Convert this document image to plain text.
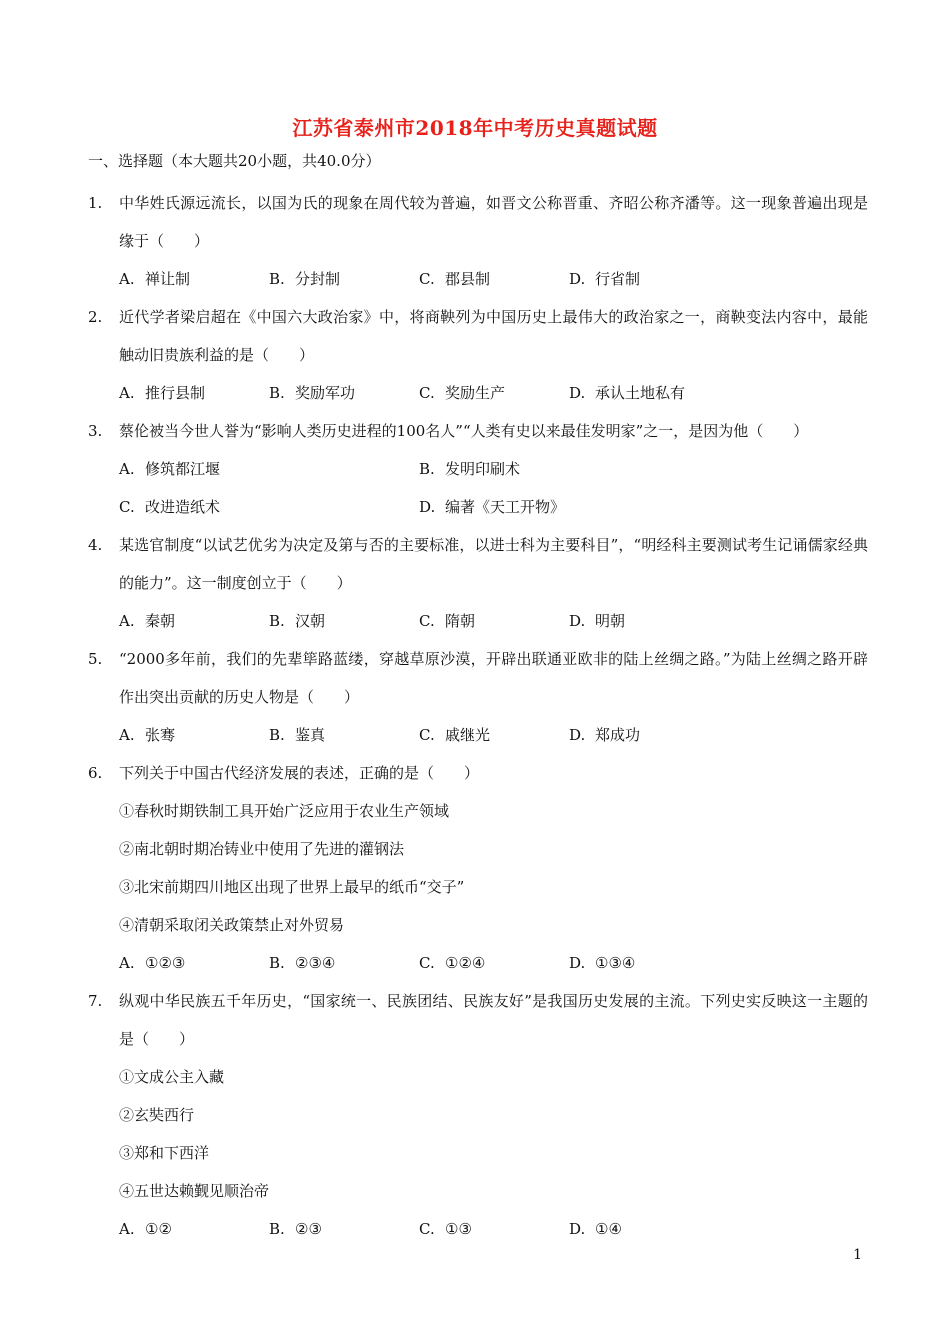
江苏省泰州市2018年中考历史真题试题
一、选择题（本大题共20小题，共40.0分）
1. 中华姓氏源远流长，以国为氏的现象在周代较为普遍，如晋文公称晋重、齐昭公称齐潘等。这一现象普遍出现是缘于（　　）
A. 禅让制	B. 分封制	C. 郡县制	D. 行省制
2. 近代学者梁启超在《中国六大政治家》中，将商鞅列为中国历史上最伟大的政治家之一，商鞅变法内容中，最能触动旧贵族利益的是（　　）
A. 推行县制	B. 奖励军功	C. 奖励生产	D. 承认土地私有
3. 蔡伦被当今世人誉为“影响人类历史进程的100名人”“人类有史以来最佳发明家”之一，是因为他（　　）
A. 修筑都江堰	B. 发明印刷术
C. 改进造纸术	D. 编著《天工开物》
4. 某选官制度“以试艺优劣为决定及第与否的主要标准，以进士科为主要科目”，“明经科主要测试考生记诵儒家经典的能力”。这一制度创立于（　　）
A. 秦朝	B. 汉朝	C. 隋朝	D. 明朝
5. “2000多年前，我们的先辈筚路蓝缕，穿越草原沙漠，开辟出联通亚欧非的陆上丝绸之路。”为陆上丝绸之路开辟作出突出贡献的历史人物是（　　）
A. 张骞	B. 鉴真	C. 戚继光	D. 郑成功
6. 下列关于中国古代经济发展的表述，正确的是（　　）
①春秋时期铁制工具开始广泛应用于农业生产领域
②南北朝时期冶铸业中使用了先进的灌钢法
③北宋前期四川地区出现了世界上最早的纸币“交子”
④清朝采取闭关政策禁止对外贸易
A. ①②③	B. ②③④	C. ①②④	D. ①③④
7. 纵观中华民族五千年历史，“国家统一、民族团结、民族友好”是我国历史发展的主流。下列史实反映这一主题的是（　　）
①文成公主入藏
②玄奘西行
③郑和下西洋
④五世达赖觐见顺治帝
A. ①②	B. ②③	C. ①③	D. ①④
1
